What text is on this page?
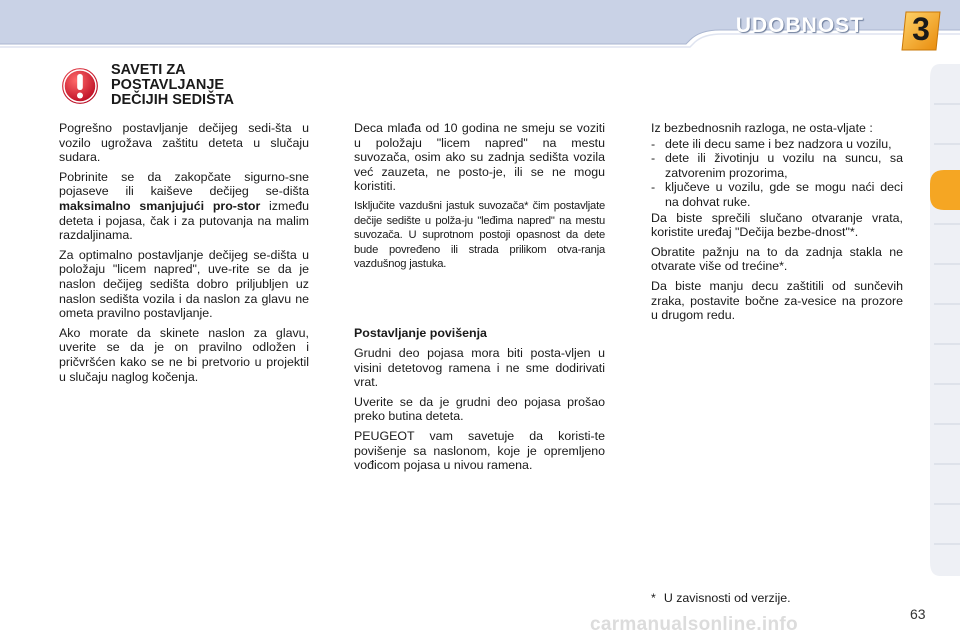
UDOBNOST	3
SAVETI ZA
POSTAVLJANJE
DEČIJIH SEDIŠTA

Pogrešno postavljanje dečijeg sedi-šta u vozilo ugrožava zaštitu deteta u slučaju sudara.

Pobrinite se da zakopčate sigurno-sne pojaseve ili kaiševe dečijeg se-dišta maksimalno smanjujući pro-stor između deteta i pojasa, čak i za putovanja na malim razdaljinama.

Za optimalno postavljanje dečijeg se-dišta u položaju "licem napred", uve-rite se da je naslon dečijeg sedišta dobro priljubljen uz naslon sedišta vozila i da naslon za glavu ne ometa pravilno postavljanje.

Ako morate da skinete naslon za glavu, uverite se da je on pravilno odložen i pričvršćen kako se ne bi pretvorio u projektil u slučaju naglog kočenja.

Deca mlađa od 10 godina ne smeju se voziti u položaju "licem napred" na mestu suvozača, osim ako su zadnja sedišta vozila već zauzeta, ne posto-je, ili se ne mogu koristiti.

Isključite vazdušni jastuk suvozača* čim postavljate dečije sedište u polža-ju "leđima napred" na mestu suvozača. U suprotnom postoji opasnost da dete bude povređeno ili strada prilikom otva-ranja vazdušnog jastuka.

Postavljanje povišenja

Grudni deo pojasa mora biti posta-vljen u visini detetovog ramena i ne sme dodirivati vrat.

Uverite se da je grudni deo pojasa prošao preko butina deteta.

PEUGEOT vam savetuje da koristi-te povišenje sa naslonom, koje je opremljeno vođicom pojasa u nivou ramena.

Iz bezbednosnih razloga, ne osta-vljate :

- dete ili decu same i bez nadzora u vozilu,
- dete ili životinju u vozilu na suncu, sa zatvorenim prozorima,
- ključeve u vozilu, gde se mogu naći deci na dohvat ruke.

Da biste sprečili slučano otvaranje vrata, koristite uređaj "Dečija bezbe-dnost"*.

Obratite pažnju na to da zadnja stakla ne otvarate više od trećine*.

Da biste manju decu zaštitili od sunčevih zraka, postavite bočne za-vesice na prozore u drugom redu.

* U zavisnosti od verzije.
carmanualsonline.info	63
